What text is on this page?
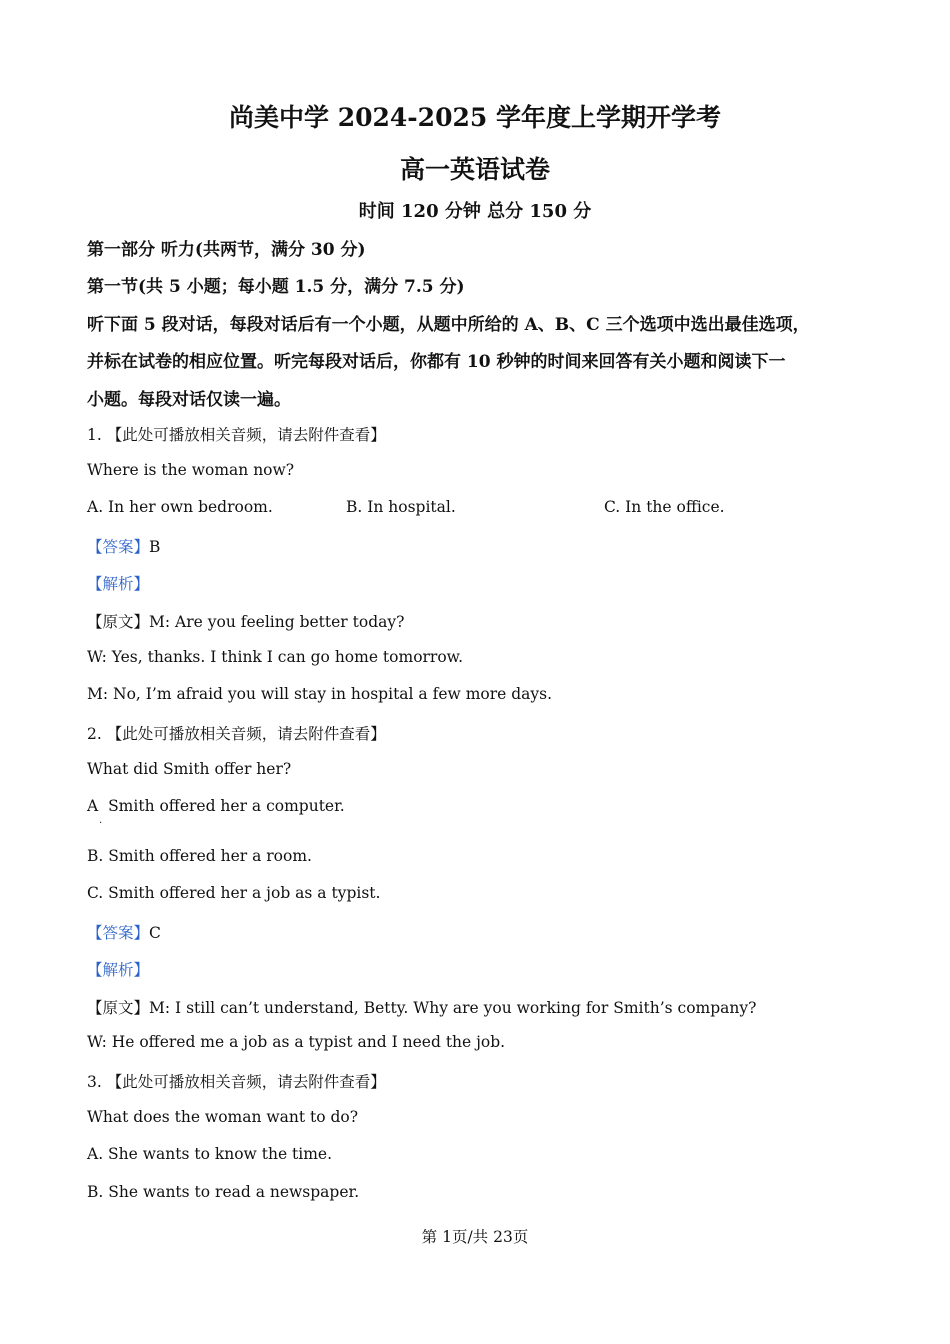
尚美中学 2024-2025 学年度上学期开学考
高一英语试卷
时间 120 分钟 总分 150 分
第一部分 听力(共两节，满分 30 分)
第一节(共 5 小题；每小题 1.5 分，满分 7.5 分)
听下面 5 段对话，每段对话后有一个小题，从题中所给的 A、B、C 三个选项中选出最佳选项，
并标在试卷的相应位置。听完每段对话后，你都有 10 秒钟的时间来回答有关小题和阅读下一
小题。每段对话仅读一遍。
1. 【此处可播放相关音频，请去附件查看】
Where is the woman now?
A. In her own bedroom.	B. In hospital.	C. In the office.
【答案】B
【解析】
【原文】M: Are you feeling better today?
W: Yes, thanks. I think I can go home tomorrow.
M: No, I’m afraid you will stay in hospital a few more days.
2. 【此处可播放相关音频，请去附件查看】
What did Smith offer her?
A Smith offered her a computer.
.
B. Smith offered her a room.
C. Smith offered her a job as a typist.
【答案】C
【解析】
【原文】M: I still can’t understand, Betty. Why are you working for Smith’s company?
W: He offered me a job as a typist and I need the job.
3. 【此处可播放相关音频，请去附件查看】
What does the woman want to do?
A. She wants to know the time.
B. She wants to read a newspaper.
第 1页/共 23页
